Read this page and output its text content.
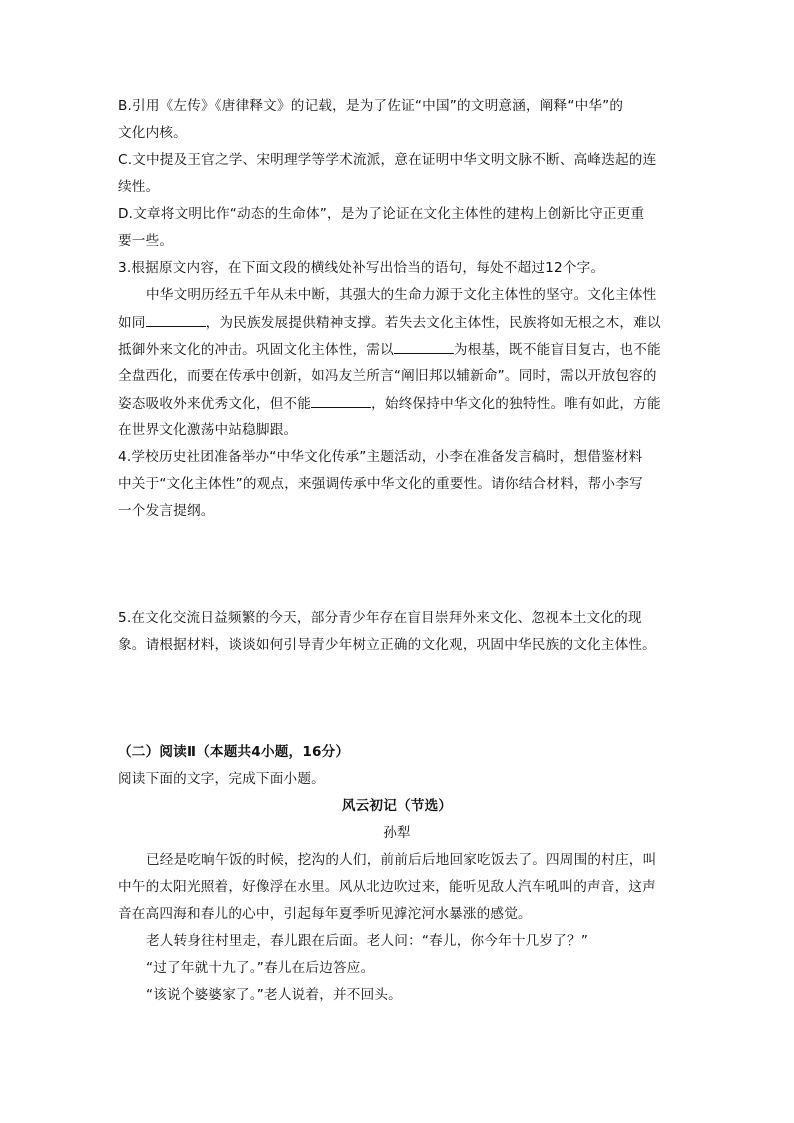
B.引用《左传》《唐律释文》的记载，是为了佐证“中国”的文明意涵，阐释“中华”的
文化内核。
C.文中提及王官之学、宋明理学等学术流派，意在证明中华文明文脉不断、高峰迭起的连
续性。
D.文章将文明比作“动态的生命体”，是为了论证在文化主体性的建构上创新比守正更重
要一些。
3.根据原文内容，在下面文段的横线处补写出恰当的语句，每处不超过12个字。
中华文明历经五千年从未中断，其强大的生命力源于文化主体性的坚守。文化主体性
如同	，为民族发展提供精神支撑。若失去文化主体性，民族将如无根之木，难以
抵御外来文化的冲击。巩固文化主体性，需以	为根基，既不能盲目复古，也不能
全盘西化，而要在传承中创新，如冯友兰所言“阐旧邦以辅新命”。同时，需以开放包容的
姿态吸收外来优秀文化，但不能	，始终保持中华文化的独特性。唯有如此，方能
在世界文化激荡中站稳脚跟。
4.学校历史社团准备举办“中华文化传承”主题活动，小李在准备发言稿时，想借鉴材料
中关于“文化主体性”的观点，来强调传承中华文化的重要性。请你结合材料，帮小李写
一个发言提纲。
5.在文化交流日益频繁的今天，部分青少年存在盲目崇拜外来文化、忽视本土文化的现
象。请根据材料，谈谈如何引导青少年树立正确的文化观，巩固中华民族的文化主体性。
（二）阅读Ⅱ（本题共4小题，16分）
阅读下面的文字，完成下面小题。
风云初记（节选）
孙犁
已经是吃晌午饭的时候，挖沟的人们，前前后后地回家吃饭去了。四周围的村庄，叫
中午的太阳光照着，好像浮在水里。风从北边吹过来，能听见敌人汽车吼叫的声音，这声
音在高四海和春儿的心中，引起每年夏季听见滹沱河水暴涨的感觉。
老人转身往村里走，春儿跟在后面。老人问：“春儿，你今年十几岁了？”
“过了年就十九了。”春儿在后边答应。
“该说个婆婆家了。”老人说着，并不回头。
